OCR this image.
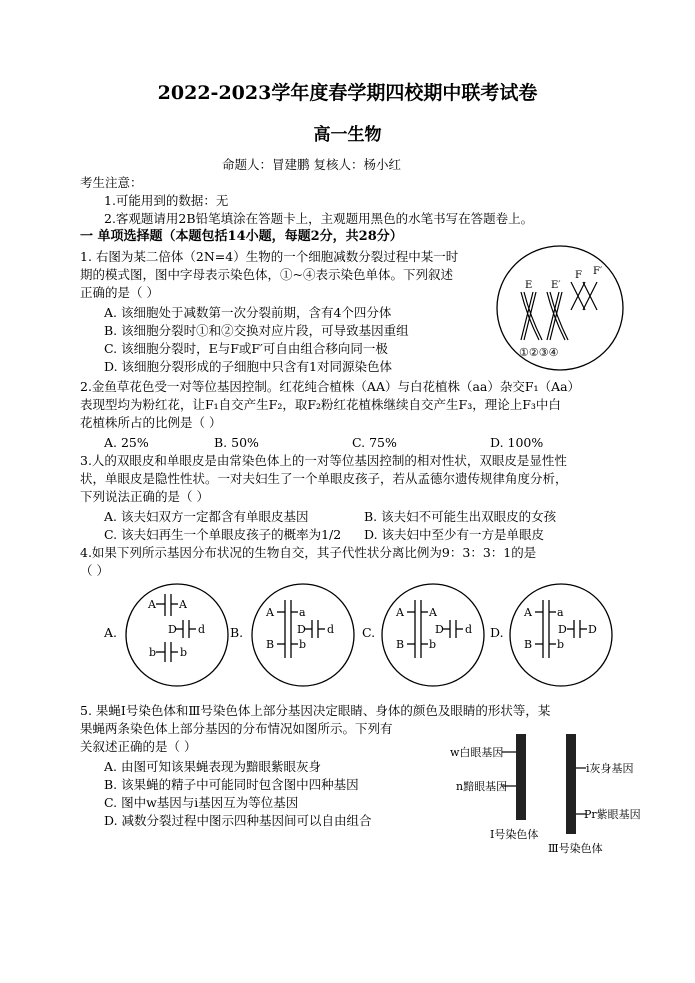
2022-2023学年度春学期四校期中联考试卷
高一生物
命题人：冒建鹏 复核人：杨小红
考生注意：
1.可能用到的数据：无
2.客观题请用2B铅笔填涂在答题卡上，主观题用黑色的水笔书写在答题卷上。
一 单项选择题（本题包括14小题，每题2分，共28分）
1. 右图为某二倍体（2N=4）生物的一个细胞减数分裂过程中某一时
期的模式图，图中字母表示染色体，①~④表示染色单体。下列叙述
正确的是（ ）
A. 该细胞处于减数第一次分裂前期，含有4个四分体
B. 该细胞分裂时①和②交换对应片段，可导致基因重组
C. 该细胞分裂时，E与F或F′可自由组合移向同一极
D. 该细胞分裂形成的子细胞中只含有1对同源染色体
E E′
F F′
①②③④
2.金鱼草花色受一对等位基因控制。红花纯合植株（AA）与白花植株（aa）杂交F₁（Aa）
表现型均为粉红花，让F₁自交产生F₂，取F₂粉红花植株继续自交产生F₃，理论上F₃中白
花植株所占的比例是（ ）
A. 25%	B. 50%	C. 75%	D. 100%
3.人的双眼皮和单眼皮是由常染色体上的一对等位基因控制的相对性状，双眼皮是显性性
状，单眼皮是隐性性状。一对夫妇生了一个单眼皮孩子，若从孟德尔遗传规律角度分析，
下列说法正确的是（ ）
A. 该夫妇双方一定都含有单眼皮基因	B. 该夫妇不可能生出双眼皮的女孩
C. 该夫妇再生一个单眼皮孩子的概率为1/2 D. 该夫妇中至少有一方是单眼皮
4.如果下列所示基因分布状况的生物自交，其子代性状分离比例为9：3：3：1的是
（ ）
A.	B.	C.	D.
A A
D d
b b
A a
D d
B b
A A
D d
B b
A a
D D
B b
5. 果蝇Ⅰ号染色体和Ⅲ号染色体上部分基因决定眼睛、身体的颜色及眼睛的形状等，某
果蝇两条染色体上部分基因的分布情况如图所示。下列有
关叙述正确的是（ ）
A. 由图可知该果蝇表现为黯眼紫眼灰身
B. 该果蝇的精子中可能同时包含图中四种基因
C. 图中w基因与i基因互为等位基因
D. 减数分裂过程中图示四种基因间可以自由组合
w白眼基因
n黯眼基因
i灰身基因
Pr紫眼基因
Ⅰ号染色体
Ⅲ号染色体
